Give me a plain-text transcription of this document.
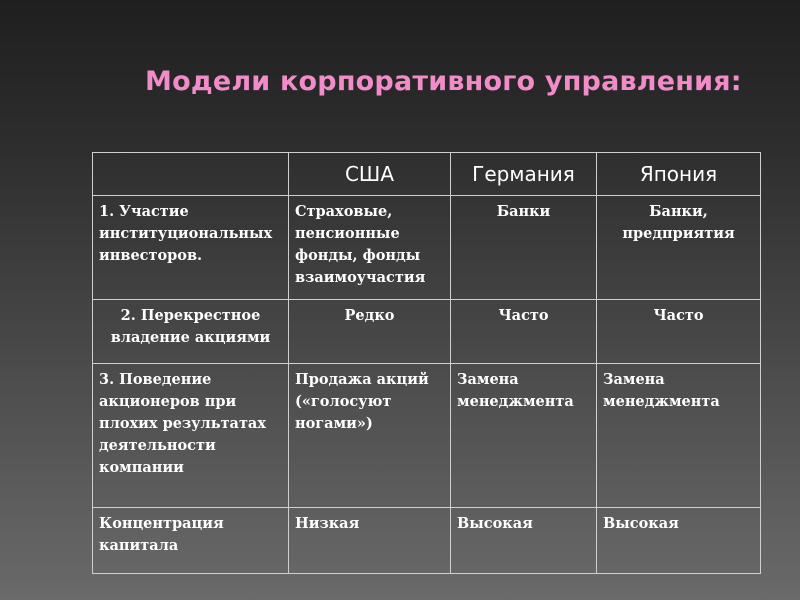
Модели корпоративного управления:
	США	Германия	Япония
1. Участие институциональных инвесторов.	Страховые, пенсионные фонды, фонды взаимоучастия	Банки	Банки, предприятия
2. Перекрестное владение акциями	Редко	Часто	Часто
3. Поведение акционеров при плохих результатах деятельности компании	Продажа акций («голосуют ногами»)	Замена менеджмента	Замена менеджмента
Концентрация капитала	Низкая	Высокая	Высокая
